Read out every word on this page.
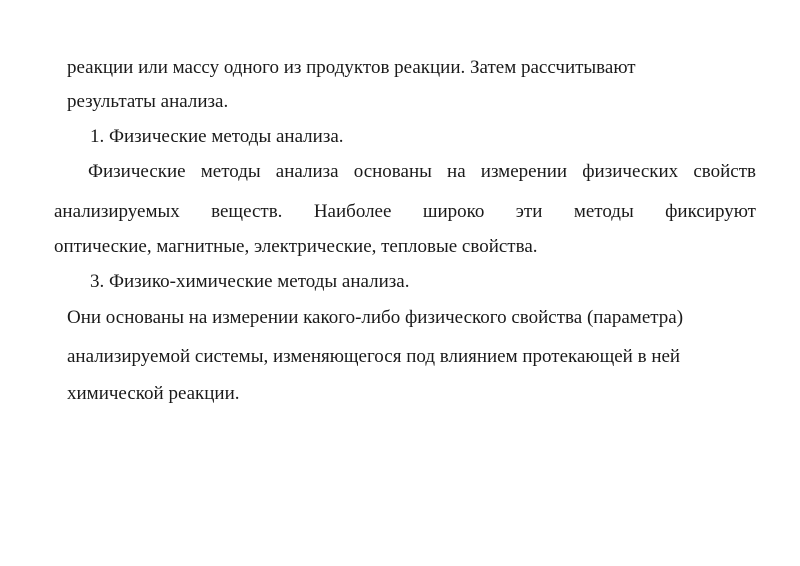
реакции или массу одного из продуктов реакции. Затем рассчитывают
результаты анализа.
1. Физические методы анализа.
Физические методы анализа основаны на измерении физических свойств
анализируемых веществ. Наиболее широко эти методы фиксируют
оптические, магнитные, электрические, тепловые свойства.
3. Физико-химические методы анализа.
Они основаны на измерении какого-либо физического свойства (параметра)
анализируемой системы, изменяющегося под влиянием протекающей в ней
химической реакции.
